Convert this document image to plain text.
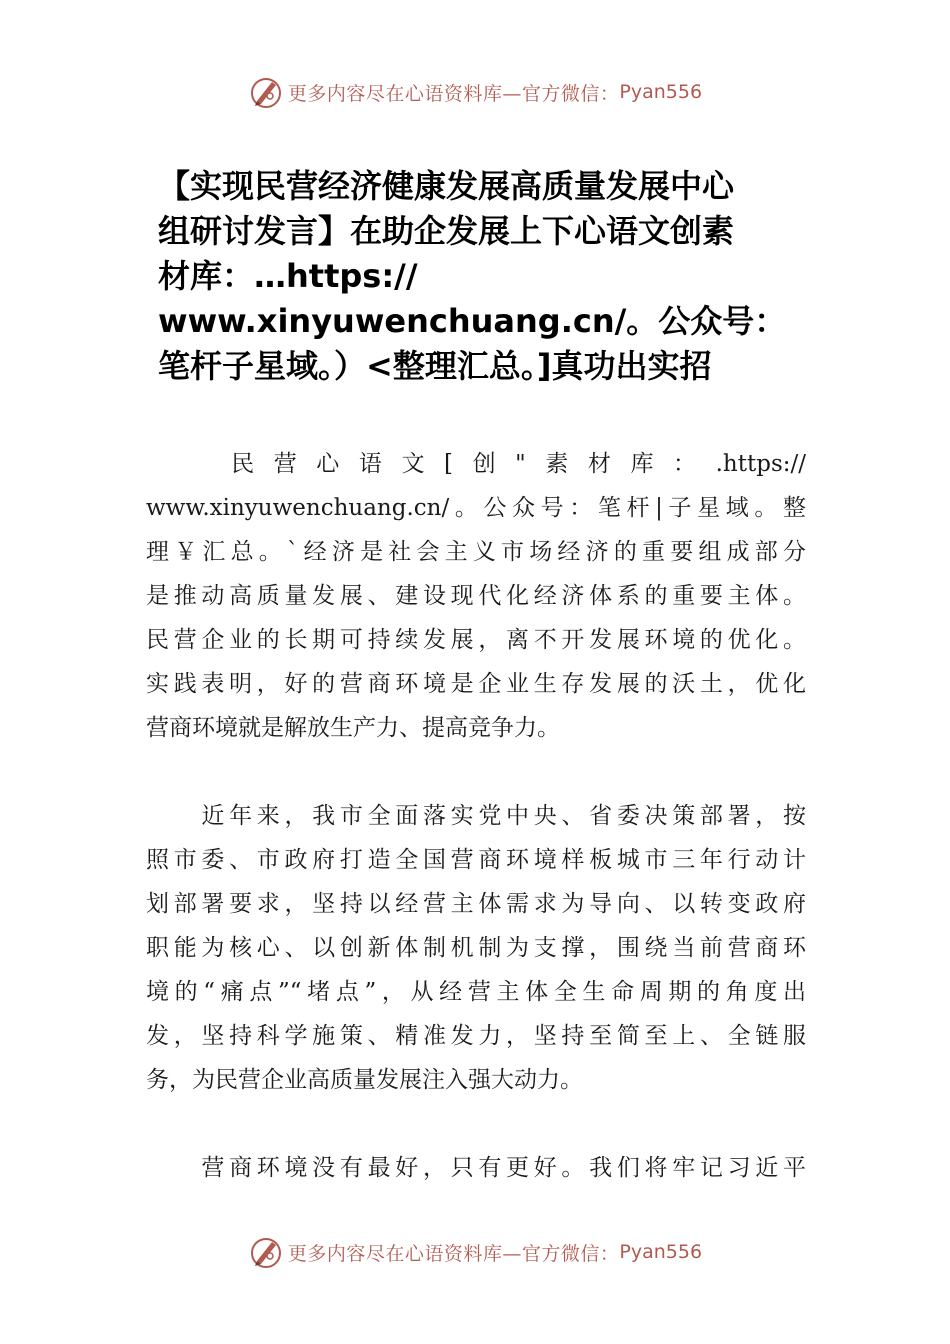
更多内容尽在心语资料库—官方微信： Pyan556
【实现民营经济健康发展高质量发展中心
组研讨发言】在助企发展上下心语文创素
材库：…https://
www.xinyuwenchuang.cn/。公众号：
笔杆子星域。）<整理汇总。]真功出实招

　　民营心语文[创"素材库：.https://
www.xinyuwenchuang.cn/。公众号：笔杆|子星域。整
理￥汇总。`经济是社会主义市场经济的重要组成部分
是推动高质量发展、建设现代化经济体系的重要主体。
民营企业的长期可持续发展，离不开发展环境的优化。
实践表明，好的营商环境是企业生存发展的沃土，优化
营商环境就是解放生产力、提高竞争力。

　　近年来，我市全面落实党中央、省委决策部署，按
照市委、市政府打造全国营商环境样板城市三年行动计
划部署要求，坚持以经营主体需求为导向、以转变政府
职能为核心、以创新体制机制为支撑，围绕当前营商环
境的“痛点”“堵点”，从经营主体全生命周期的角度出
发，坚持科学施策、精准发力，坚持至简至上、全链服
务，为民营企业高质量发展注入强大动力。

　　营商环境没有最好，只有更好。我们将牢记习近平

更多内容尽在心语资料库—官方微信： Pyan556
